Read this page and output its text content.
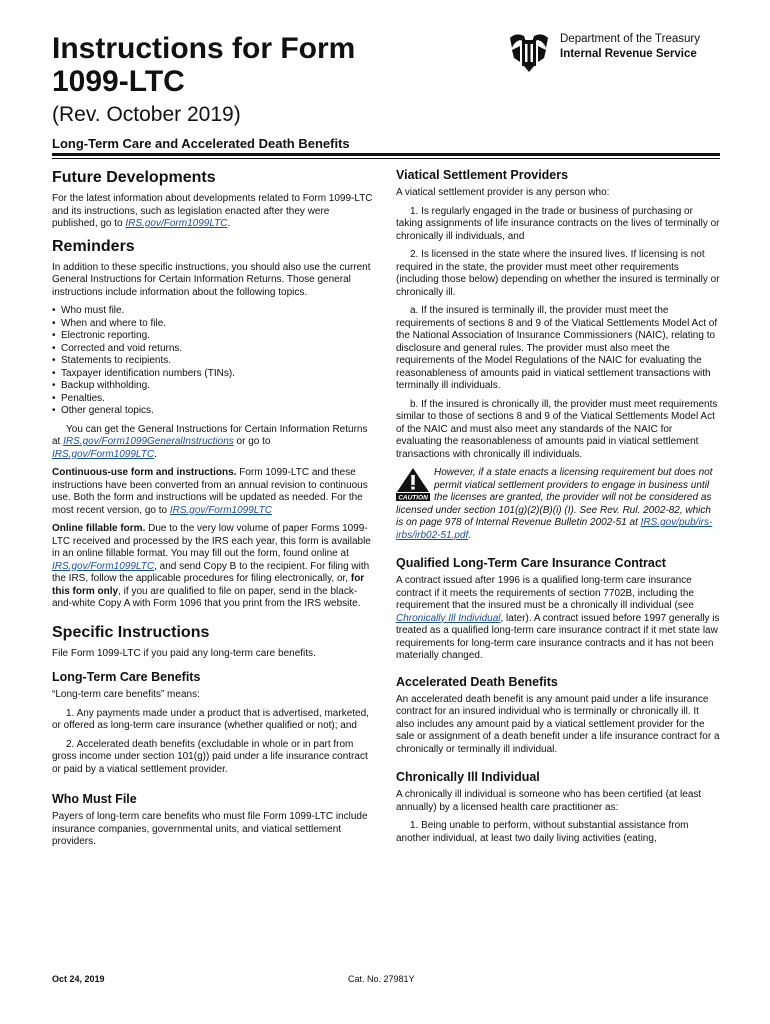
Instructions for Form
1099-LTC
(Rev. October 2019)
Long-Term Care and Accelerated Death Benefits
Department of the Treasury
Internal Revenue Service
Future Developments

For the latest information about developments related to Form 1099-LTC and its instructions, such as legislation enacted after they were published, go to IRS.gov/Form1099LTC.

Reminders

In addition to these specific instructions, you should also use the current General Instructions for Certain Information Returns. Those general instructions include information about the following topics.

• Who must file.
• When and where to file.
• Electronic reporting.
• Corrected and void returns.
• Statements to recipients.
• Taxpayer identification numbers (TINs).
• Backup withholding.
• Penalties.
• Other general topics.

You can get the General Instructions for Certain Information Returns at IRS.gov/Form1099GeneralInstructions or go to IRS.gov/Form1099LTC.

Continuous-use form and instructions. Form 1099-LTC and these instructions have been converted from an annual revision to continuous use. Both the form and instructions will be updated as needed. For the most recent version, go to IRS.gov/Form1099LTC

Online fillable form. Due to the very low volume of paper Forms 1099-LTC received and processed by the IRS each year, this form is available in an online fillable format. You may fill out the form, found online at IRS.gov/Form1099LTC, and send Copy B to the recipient. For filing with the IRS, follow the applicable procedures for filing electronically, or, for this form only, if you are qualified to file on paper, send in the black-and-white Copy A with Form 1096 that you print from the IRS website.

Specific Instructions

File Form 1099-LTC if you paid any long-term care benefits.

Long-Term Care Benefits

“Long-term care benefits” means:

1. Any payments made under a product that is advertised, marketed, or offered as long-term care insurance (whether qualified or not); and

2. Accelerated death benefits (excludable in whole or in part from gross income under section 101(g)) paid under a life insurance contract or paid by a viatical settlement provider.

Who Must File

Payers of long-term care benefits who must file Form 1099-LTC include insurance companies, governmental units, and viatical settlement providers.

Viatical Settlement Providers

A viatical settlement provider is any person who:

1. Is regularly engaged in the trade or business of purchasing or taking assignments of life insurance contracts on the lives of terminally or chronically ill individuals, and

2. Is licensed in the state where the insured lives. If licensing is not required in the state, the provider must meet other requirements (including those below) depending on whether the insured is terminally or chronically ill.

a. If the insured is terminally ill, the provider must meet the requirements of sections 8 and 9 of the Viatical Settlements Model Act of the National Association of Insurance Commissioners (NAIC), relating to disclosure and general rules. The provider must also meet the requirements of the Model Regulations of the NAIC for evaluating the reasonableness of amounts paid in viatical settlement transactions with terminally ill individuals.

b. If the insured is chronically ill, the provider must meet requirements similar to those of sections 8 and 9 of the Viatical Settlements Model Act of the NAIC and must also meet any standards of the NAIC for evaluating the reasonableness of amounts paid in viatical settlement transactions with chronically ill individuals.

CAUTION
However, if a state enacts a licensing requirement but does not permit viatical settlement providers to engage in business until the licenses are granted, the provider will not be considered as licensed under section 101(g)(2)(B)(i) (I). See Rev. Rul. 2002-82, which is on page 978 of Internal Revenue Bulletin 2002-51 at IRS.gov/pub/irs-irbs/irb02-51.pdf.
Qualified Long-Term Care Insurance Contract

A contract issued after 1996 is a qualified long-term care insurance contract if it meets the requirements of section 7702B, including the requirement that the insured must be a chronically ill individual (see Chronically Ill Individual, later). A contract issued before 1997 generally is treated as a qualified long-term care insurance contract if it met state law requirements for long-term care insurance contracts and it has not been materially changed.

Accelerated Death Benefits

An accelerated death benefit is any amount paid under a life insurance contract for an insured individual who is terminally or chronically ill. It also includes any amount paid by a viatical settlement provider for the sale or assignment of a death benefit under a life insurance contract for a chronically or terminally ill individual.

Chronically Ill Individual

A chronically ill individual is someone who has been certified (at least annually) by a licensed health care practitioner as:

1. Being unable to perform, without substantial assistance from another individual, at least two daily living activities (eating,

Oct 24, 2019	Cat. No. 27981Y
